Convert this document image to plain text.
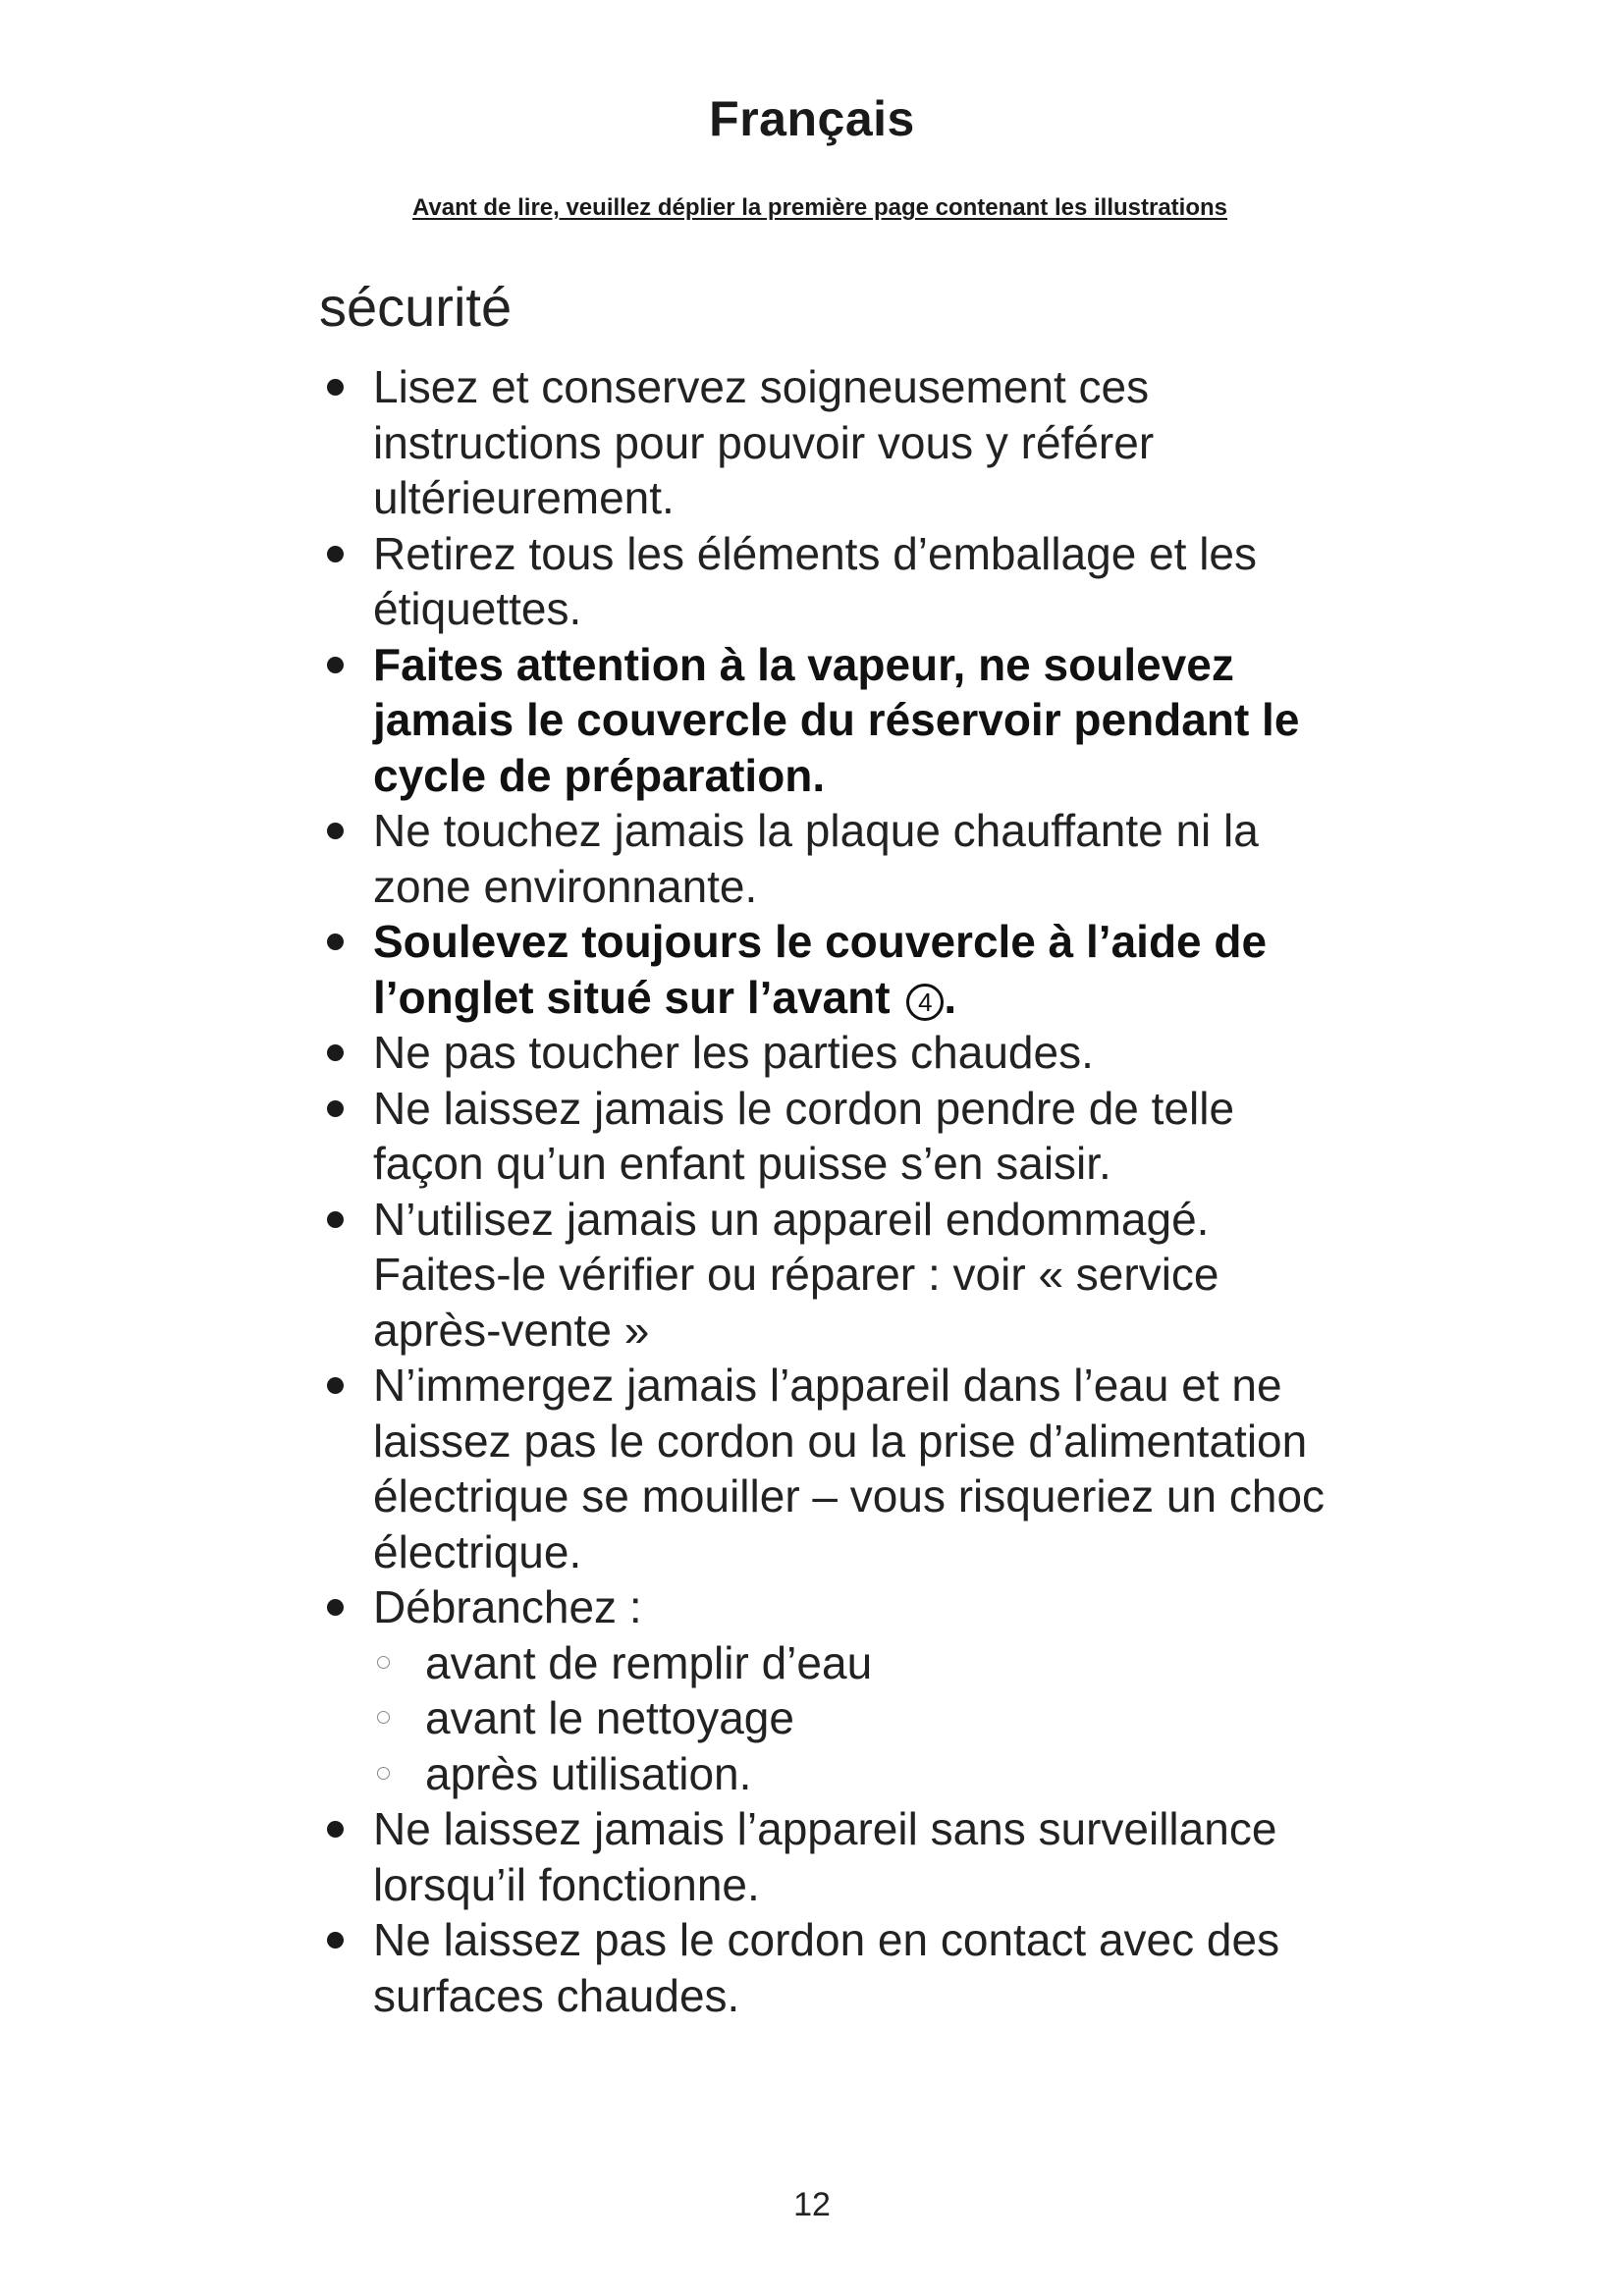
Français

Avant de lire, veuillez déplier la première page contenant les illustrations

sécurité
Lisez et conservez soigneusement ces instructions pour pouvoir vous y référer ultérieurement.
Retirez tous les éléments d’emballage et les étiquettes.
Faites attention à la vapeur, ne soulevez jamais le couvercle du réservoir pendant le cycle de préparation.
Ne touchez jamais la plaque chauffante ni la zone environnante.
Soulevez toujours le couvercle à l’aide de l’onglet situé sur l’avant 4 .
Ne pas toucher les parties chaudes.
Ne laissez jamais le cordon pendre de telle façon qu’un enfant puisse s’en saisir.
N’utilisez jamais un appareil endommagé. Faites-le vérifier ou réparer : voir « service après-vente »
N’immergez jamais l’appareil dans l’eau et ne laissez pas le cordon ou la prise d’alimentation électrique se mouiller – vous risqueriez un choc électrique.
Débranchez :
avant de remplir d’eau
avant le nettoyage
après utilisation.
Ne laissez jamais l’appareil sans surveillance lorsqu’il fonctionne.
Ne laissez pas le cordon en contact avec des surfaces chaudes.

12
